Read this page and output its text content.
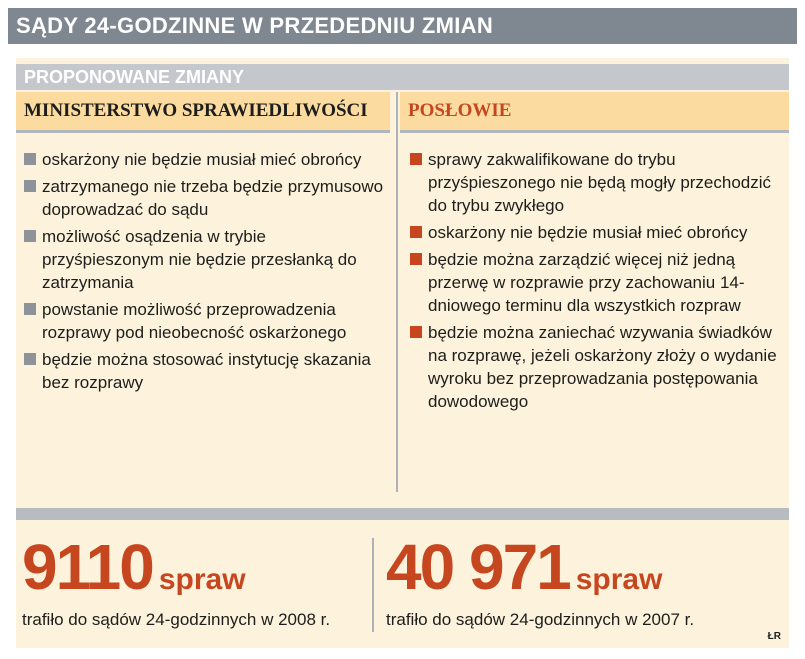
SĄDY 24-GODZINNE W PRZEDEDNIU ZMIAN
PROPONOWANE ZMIANY
MINISTERSTWO SPRAWIEDLIWOŚCI POSŁOWIE
oskarżony nie będzie musiał mieć obrońcy
zatrzymanego nie trzeba będzie przymusowo doprowadzać do sądu
możliwość osądzenia w trybie przyśpieszonym nie będzie przesłanką do zatrzymania
powstanie możliwość przeprowadzenia rozprawy pod nieobecność oskarżonego
będzie można stosować instytucję skazania bez rozprawy
sprawy zakwalifikowane do trybu przyśpieszonego nie będą mogły przechodzić do trybu zwykłego
oskarżony nie będzie musiał mieć obrońcy
będzie można zarządzić więcej niż jedną przerwę w rozprawie przy zachowaniu 14-dniowego terminu dla wszystkich rozpraw
będzie można zaniechać wzywania świadków na rozprawę, jeżeli oskarżony złoży o wydanie wyroku bez przeprowadzania postępowania dowodowego
9110 spraw
trafiło do sądów 24-godzinnych w 2008 r.
40 971 spraw
trafiło do sądów 24-godzinnych w 2007 r.
ŁR
